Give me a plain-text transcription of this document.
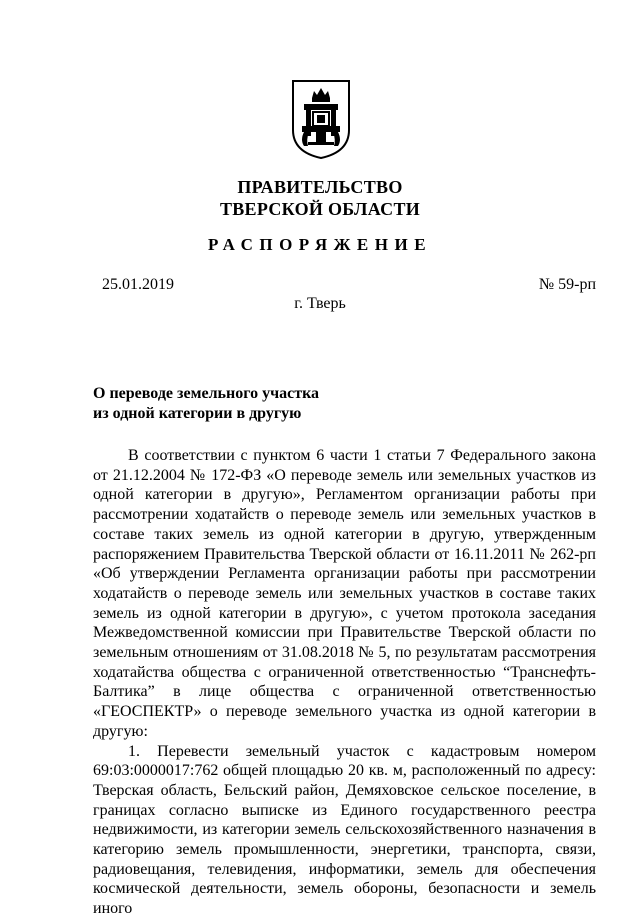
ПРАВИТЕЛЬСТВО
ТВЕРСКОЙ ОБЛАСТИ
РАСПОРЯЖЕНИЕ
25.01.2019	№ 59-рп
г. Тверь
О переводе земельного участка
из одной категории в другую

В соответствии с пунктом 6 части 1 статьи 7 Федерального закона от 21.12.2004 № 172-ФЗ «О переводе земель или земельных участков из одной категории в другую», Регламентом организации работы при рассмотрении ходатайств о переводе земель или земельных участков в составе таких земель из одной категории в другую, утвержденным распоряжением Правительства Тверской области от 16.11.2011 № 262-рп «Об утверждении Регламента организации работы при рассмотрении ходатайств о переводе земель или земельных участков в составе таких земель из одной категории в другую», с учетом протокола заседания Межведомственной комиссии при Правительстве Тверской области по земельным отношениям от 31.08.2018 № 5, по результатам рассмотрения ходатайства общества с ограниченной ответственностью “Транснефть-Балтика” в лице общества с ограниченной ответственностью «ГЕОСПЕКТР» о переводе земельного участка из одной категории в другую:

1. Перевести земельный участок с кадастровым номером 69:03:0000017:762 общей площадью 20 кв. м, расположенный по адресу: Тверская область, Бельский район, Демяховское сельское поселение, в границах согласно выписке из Единого государственного реестра недвижимости, из категории земель сельскохозяйственного назначения в категорию земель промышленности, энергетики, транспорта, связи, радиовещания, телевидения, информатики, земель для обеспечения космической деятельности, земель обороны, безопасности и земель иного
